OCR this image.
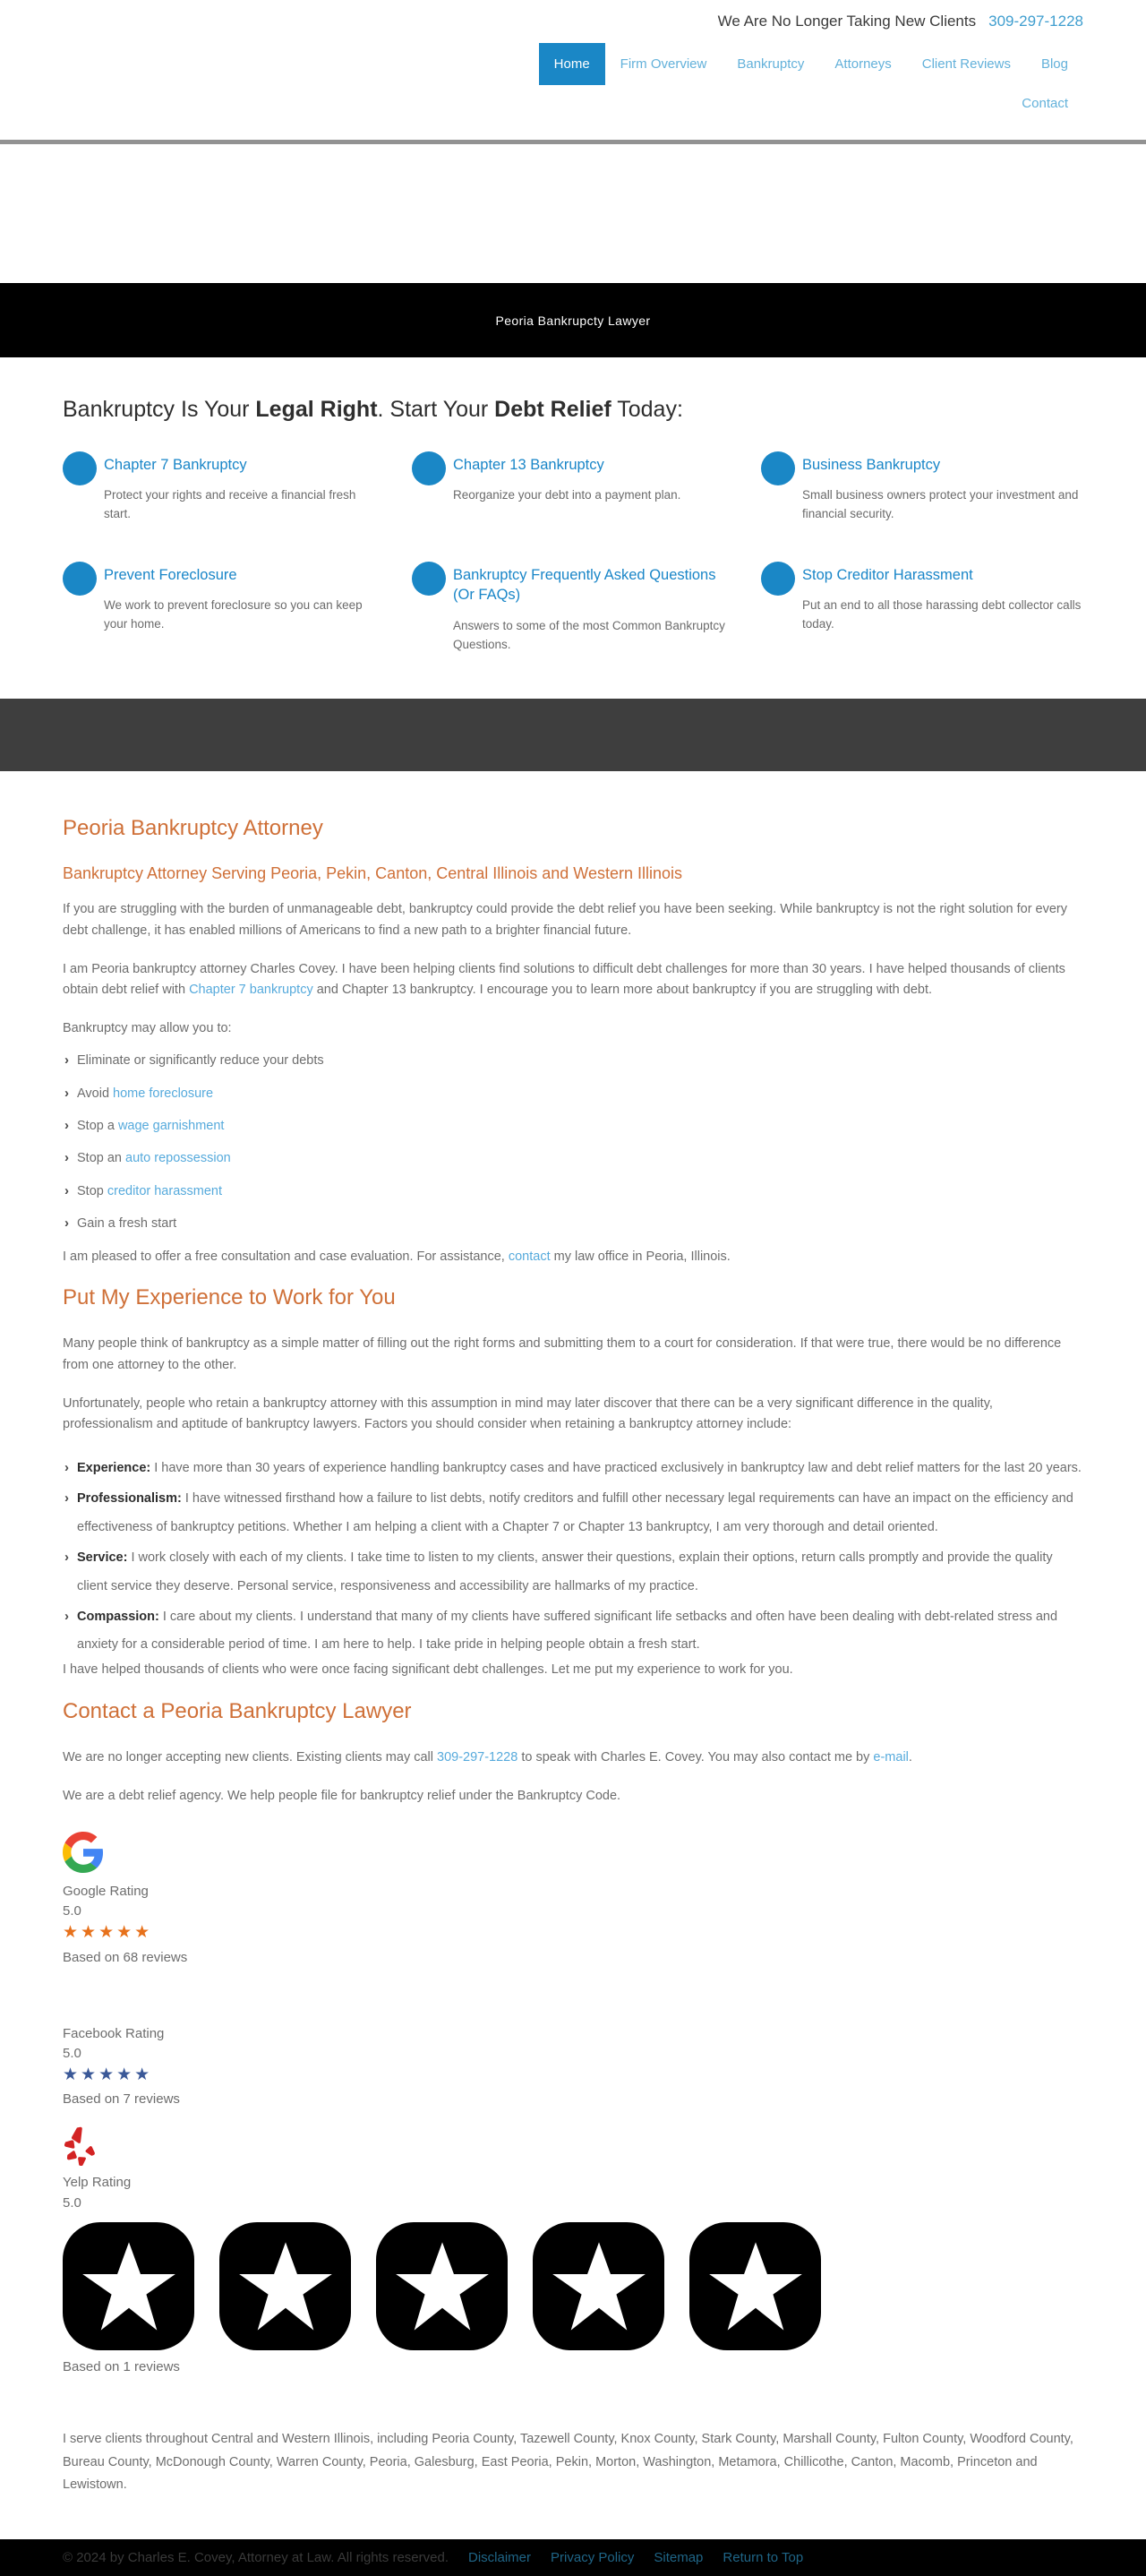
We Are No Longer Taking New Clients 309-297-1228
Home	Firm Overview	Bankruptcy	Attorneys	Client Reviews	Blog
Contact
Peoria Bankrupcty Lawyer
Bankruptcy Is Your Legal Right. Start Your Debt Relief Today:
Chapter 7 Bankruptcy
Protect your rights and receive a financial fresh start.
Chapter 13 Bankruptcy
Reorganize your debt into a payment plan.
Business Bankruptcy
Small business owners protect your investment and financial security.
Prevent Foreclosure
We work to prevent foreclosure so you can keep your home.
Bankruptcy Frequently Asked Questions (Or FAQs)
Answers to some of the most Common Bankruptcy Questions.
Stop Creditor Harassment
Put an end to all those harassing debt collector calls today.
Peoria Bankruptcy Attorney
Bankruptcy Attorney Serving Peoria, Pekin, Canton, Central Illinois and Western Illinois

If you are struggling with the burden of unmanageable debt, bankruptcy could provide the debt relief you have been seeking. While bankruptcy is not the right solution for every debt challenge, it has enabled millions of Americans to find a new path to a brighter financial future.

I am Peoria bankruptcy attorney Charles Covey. I have been helping clients find solutions to difficult debt challenges for more than 30 years. I have helped thousands of clients obtain debt relief with Chapter 7 bankruptcy and Chapter 13 bankruptcy. I encourage you to learn more about bankruptcy if you are struggling with debt.

Bankruptcy may allow you to:

› Eliminate or significantly reduce your debts
› Avoid home foreclosure
› Stop a wage garnishment
› Stop an auto repossession
› Stop creditor harassment
› Gain a fresh start

I am pleased to offer a free consultation and case evaluation. For assistance, contact my law office in Peoria, Illinois.

Put My Experience to Work for You

Many people think of bankruptcy as a simple matter of filling out the right forms and submitting them to a court for consideration. If that were true, there would be no difference from one attorney to the other.

Unfortunately, people who retain a bankruptcy attorney with this assumption in mind may later discover that there can be a very significant difference in the quality, professionalism and aptitude of bankruptcy lawyers. Factors you should consider when retaining a bankruptcy attorney include:

› Experience: I have more than 30 years of experience handling bankruptcy cases and have practiced exclusively in bankruptcy law and debt relief matters for the last 20 years.
› Professionalism: I have witnessed firsthand how a failure to list debts, notify creditors and fulfill other necessary legal requirements can have an impact on the efficiency and effectiveness of bankruptcy petitions. Whether I am helping a client with a Chapter 7 or Chapter 13 bankruptcy, I am very thorough and detail oriented.
› Service: I work closely with each of my clients. I take time to listen to my clients, answer their questions, explain their options, return calls promptly and provide the quality client service they deserve. Personal service, responsiveness and accessibility are hallmarks of my practice.
› Compassion: I care about my clients. I understand that many of my clients have suffered significant life setbacks and often have been dealing with debt-related stress and anxiety for a considerable period of time. I am here to help. I take pride in helping people obtain a fresh start.

I have helped thousands of clients who were once facing significant debt challenges. Let me put my experience to work for you.

Contact a Peoria Bankruptcy Lawyer

We are no longer accepting new clients. Existing clients may call 309-297-1228 to speak with Charles E. Covey. You may also contact me by e-mail.

We are a debt relief agency. We help people file for bankruptcy relief under the Bankruptcy Code.

Google Rating
5.0
★★★★★
Based on 68 reviews
Facebook Rating
5.0
★★★★★
Based on 7 reviews
Yelp Rating
5.0
Based on 1 reviews

I serve clients throughout Central and Western Illinois, including Peoria County, Tazewell County, Knox County, Stark County, Marshall County, Fulton County, Woodford County, Bureau County, McDonough County, Warren County, Peoria, Galesburg, East Peoria, Pekin, Morton, Washington, Metamora, Chillicothe, Canton, Macomb, Princeton and Lewistown.

© 2024 by Charles E. Covey, Attorney at Law. All rights reserved. Disclaimer Privacy Policy Sitemap Return to Top
